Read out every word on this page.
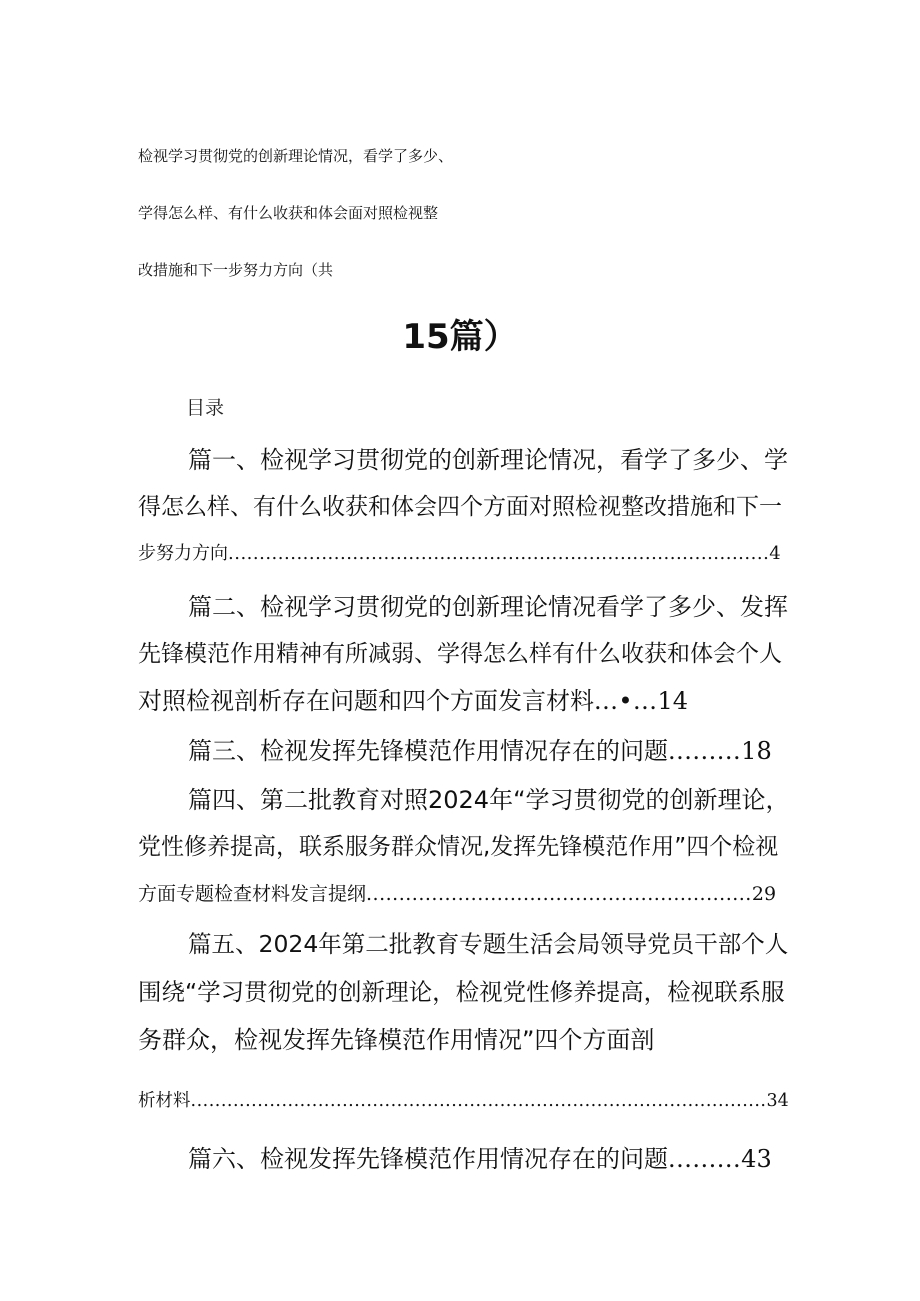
检视学习贯彻党的创新理论情况，看学了多少、
学得怎么样、有什么收获和体会面对照检视整
改措施和下一步努力方向（共
15篇）
目录
篇一、检视学习贯彻党的创新理论情况，看学了多少、学
得怎么样、有什么收获和体会四个方面对照检视整改措施和下一
步努力方向.......................................................................................4
篇二、检视学习贯彻党的创新理论情况看学了多少、发挥
先锋模范作用精神有所减弱、学得怎么样有什么收获和体会个人
对照检视剖析存在问题和四个方面发言材料...•...14
篇三、检视发挥先锋模范作用情况存在的问题.........18
篇四、第二批教育对照2024年“学习贯彻党的创新理论，
党性修养提高，联系服务群众情况,发挥先锋模范作用”四个检视
方面专题检查材料发言提纲...........................................................29
篇五、2024年第二批教育专题生活会局领导党员干部个人
围绕“学习贯彻党的创新理论，检视党性修养提高，检视联系服
务群众，检视发挥先锋模范作用情况”四个方面剖
析材料...............................................................................................34
篇六、检视发挥先锋模范作用情况存在的问题.........43
